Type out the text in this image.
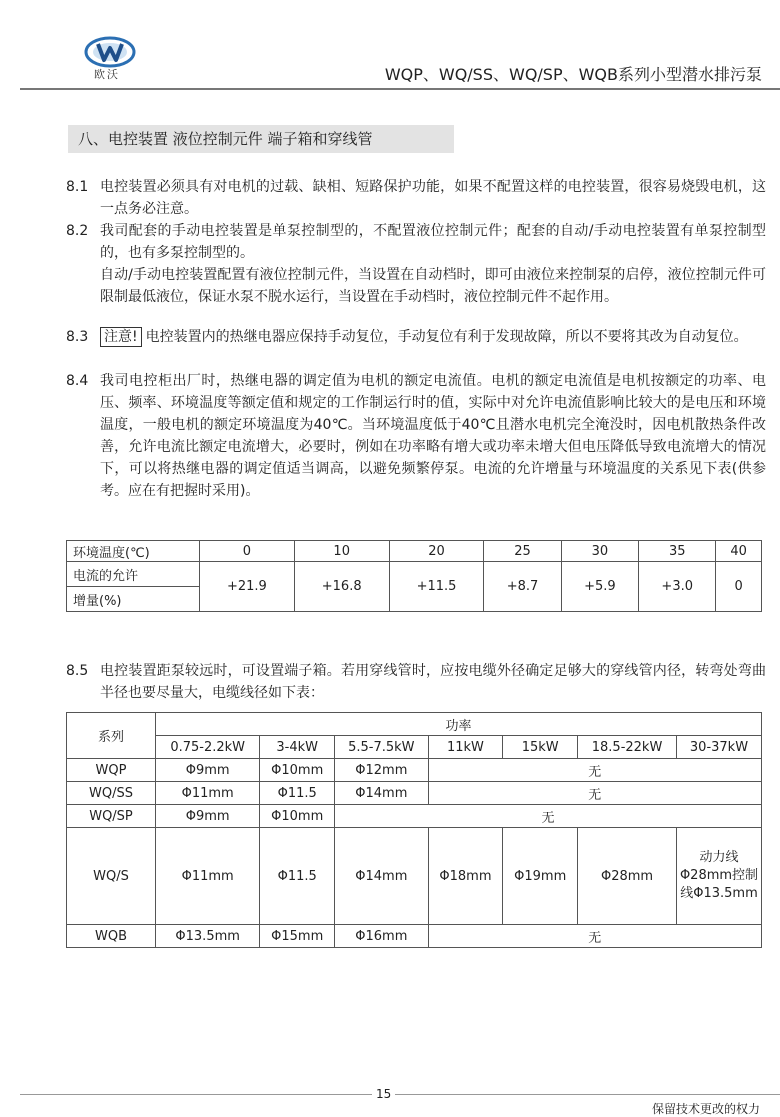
欧沃	WQP、WQ/SS、WQ/SP、WQB系列小型潜水排污泵
八、电控装置 液位控制元件 端子箱和穿线管
8.1 电控装置必须具有对电机的过载、缺相、短路保护功能，如果不配置这样的电控装置，很容易烧毁电机，这一点务必注意。
8.2 我司配套的手动电控装置是单泵控制型的，不配置液位控制元件；配套的自动/手动电控装置有单泵控制型的，也有多泵控制型的。
自动/手动电控装置配置有液位控制元件，当设置在自动档时，即可由液位来控制泵的启停，液位控制元件可限制最低液位，保证水泵不脱水运行，当设置在手动档时，液位控制元件不起作用。
8.3 注意! 电控装置内的热继电器应保持手动复位，手动复位有利于发现故障，所以不要将其改为自动复位。
8.4 我司电控柜出厂时，热继电器的调定值为电机的额定电流值。电机的额定电流值是电机按额定的功率、电压、频率、环境温度等额定值和规定的工作制运行时的值，实际中对允许电流值影响比较大的是电压和环境温度，一般电机的额定环境温度为40℃。当环境温度低于40℃且潜水电机完全淹没时，因电机散热条件改善，允许电流比额定电流增大，必要时，例如在功率略有增大或功率未增大但电压降低导致电流增大的情况下，可以将热继电器的调定值适当调高，以避免频繁停泵。电流的允许增量与环境温度的关系见下表(供参考。应在有把握时采用)。
环境温度(℃)	0	10	20	25	30	35	40
电流的允许	+21.9	+16.8	+11.5	+8.7	+5.9	+3.0	0
增量(%)							
8.5 电控装置距泵较远时，可设置端子箱。若用穿线管时，应按电缆外径确定足够大的穿线管内径，转弯处弯曲半径也要尽量大，电缆线径如下表：
系列	功率						
	0.75-2.2kW	3-4kW	5.5-7.5kW	11kW	15kW	18.5-22kW	30-37kW
WQP	Φ9mm	Φ10mm	Φ12mm	无			
WQ/SS	Φ11mm	Φ11.5	Φ14mm	无			
WQ/SP	Φ9mm	Φ10mm	无				
WQ/S	Φ11mm	Φ11.5	Φ14mm	Φ18mm	Φ19mm	Φ28mm	动力线Φ28mm控制线Φ13.5mm
WQB	Φ13.5mm	Φ15mm	Φ16mm	无			
15
保留技术更改的权力
